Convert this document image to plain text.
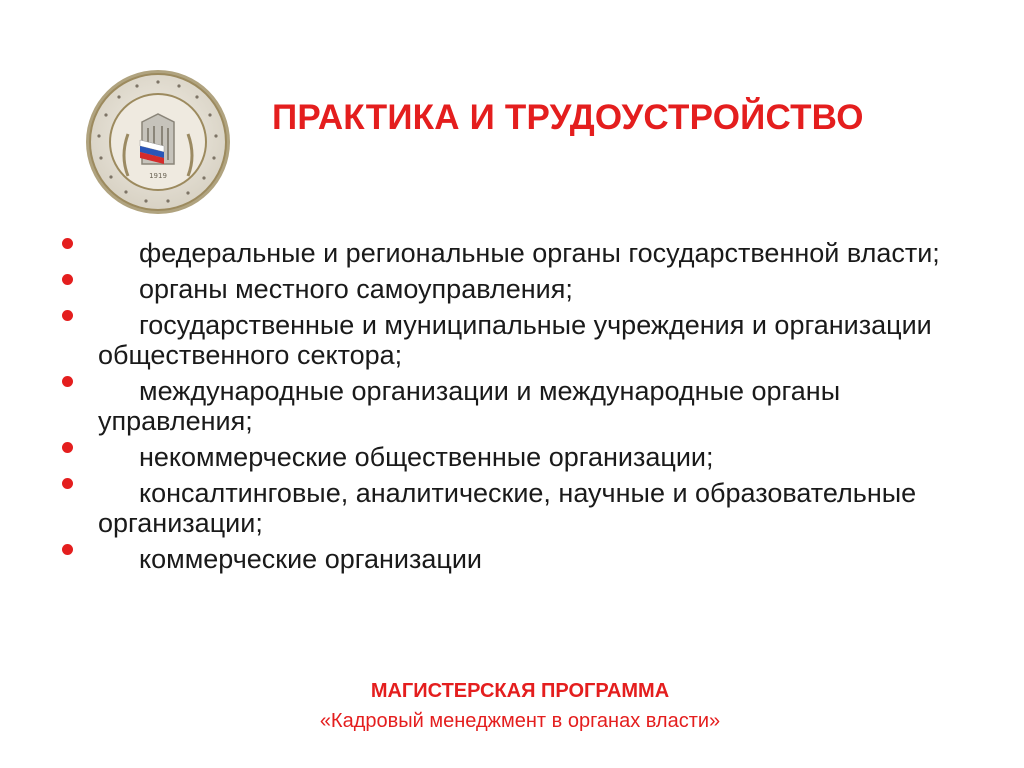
1919
ПРАКТИКА И ТРУДОУСТРОЙСТВО
федеральные и региональные органы государственной власти;
органы местного самоуправления;
государственные и муниципальные учреждения и организации общественного сектора;
международные организации и международные органы управления;
некоммерческие общественные организации;
консалтинговые, аналитические, научные и образовательные организации;
коммерческие организации
МАГИСТЕРСКАЯ ПРОГРАММА
«Кадровый менеджмент в органах власти»
